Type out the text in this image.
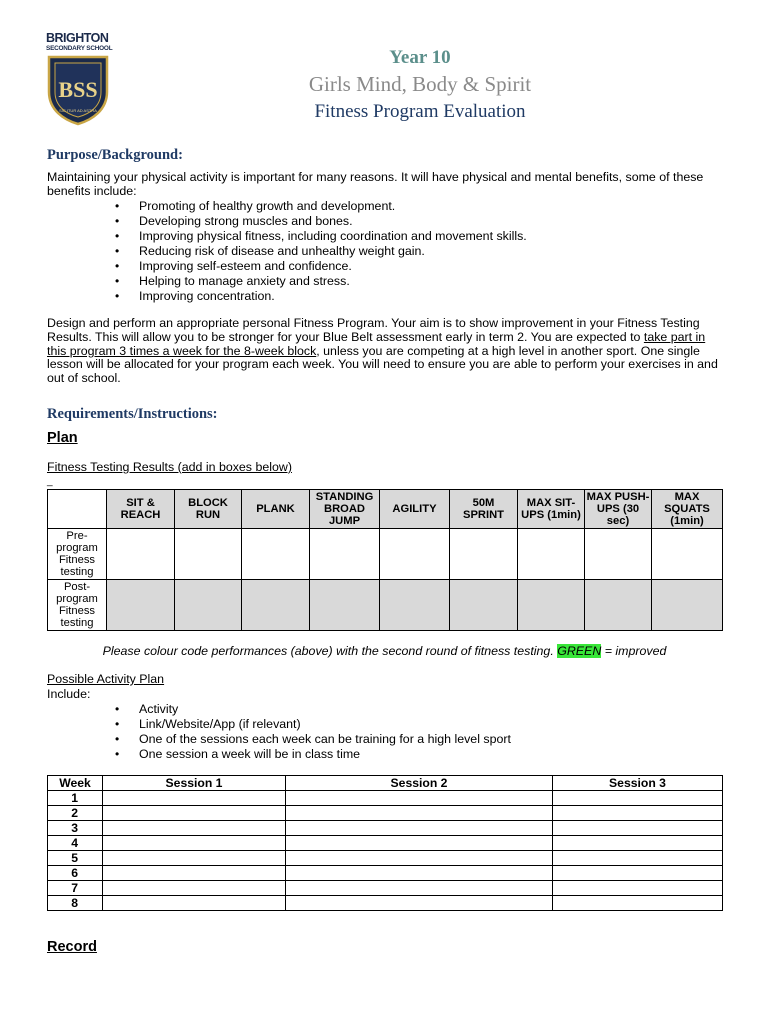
BRIGHTON
SECONDARY SCHOOL
BSS
SIC ITUR AD ASTRA
Year 10
Girls Mind, Body & Spirit
Fitness Program Evaluation
Purpose/Background:
Maintaining your physical activity is important for many reasons. It will have physical and mental benefits, some of these benefits include:
• Promoting of healthy growth and development.
• Developing strong muscles and bones.
• Improving physical fitness, including coordination and movement skills.
• Reducing risk of disease and unhealthy weight gain.
• Improving self-esteem and confidence.
• Helping to manage anxiety and stress.
• Improving concentration.
Design and perform an appropriate personal Fitness Program. Your aim is to show improvement in your Fitness Testing Results. This will allow you to be stronger for your Blue Belt assessment early in term 2. You are expected to take part in this program 3 times a week for the 8-week block, unless you are competing at a high level in another sport. One single lesson will be allocated for your program each week. You will need to ensure you are able to perform your exercises in and out of school.
Requirements/Instructions:
Plan
Fitness Testing Results (add in boxes below)
_
	SIT & REACH	BLOCK RUN	PLANK	STANDING BROAD JUMP	AGILITY	50M SPRINT	MAX SIT-UPS (1min)	MAX PUSH-UPS (30 sec)	MAX SQUATS (1min)
Pre-program Fitness testing									
Post-program Fitness testing									
Please colour code performances (above) with the second round of fitness testing. GREEN = improved
Possible Activity Plan
Include:
• Activity
• Link/Website/App (if relevant)
• One of the sessions each week can be training for a high level sport
• One session a week will be in class time
Week	Session 1	Session 2	Session 3
1			
2			
3			
4			
5			
6			
7			
8			
Record
